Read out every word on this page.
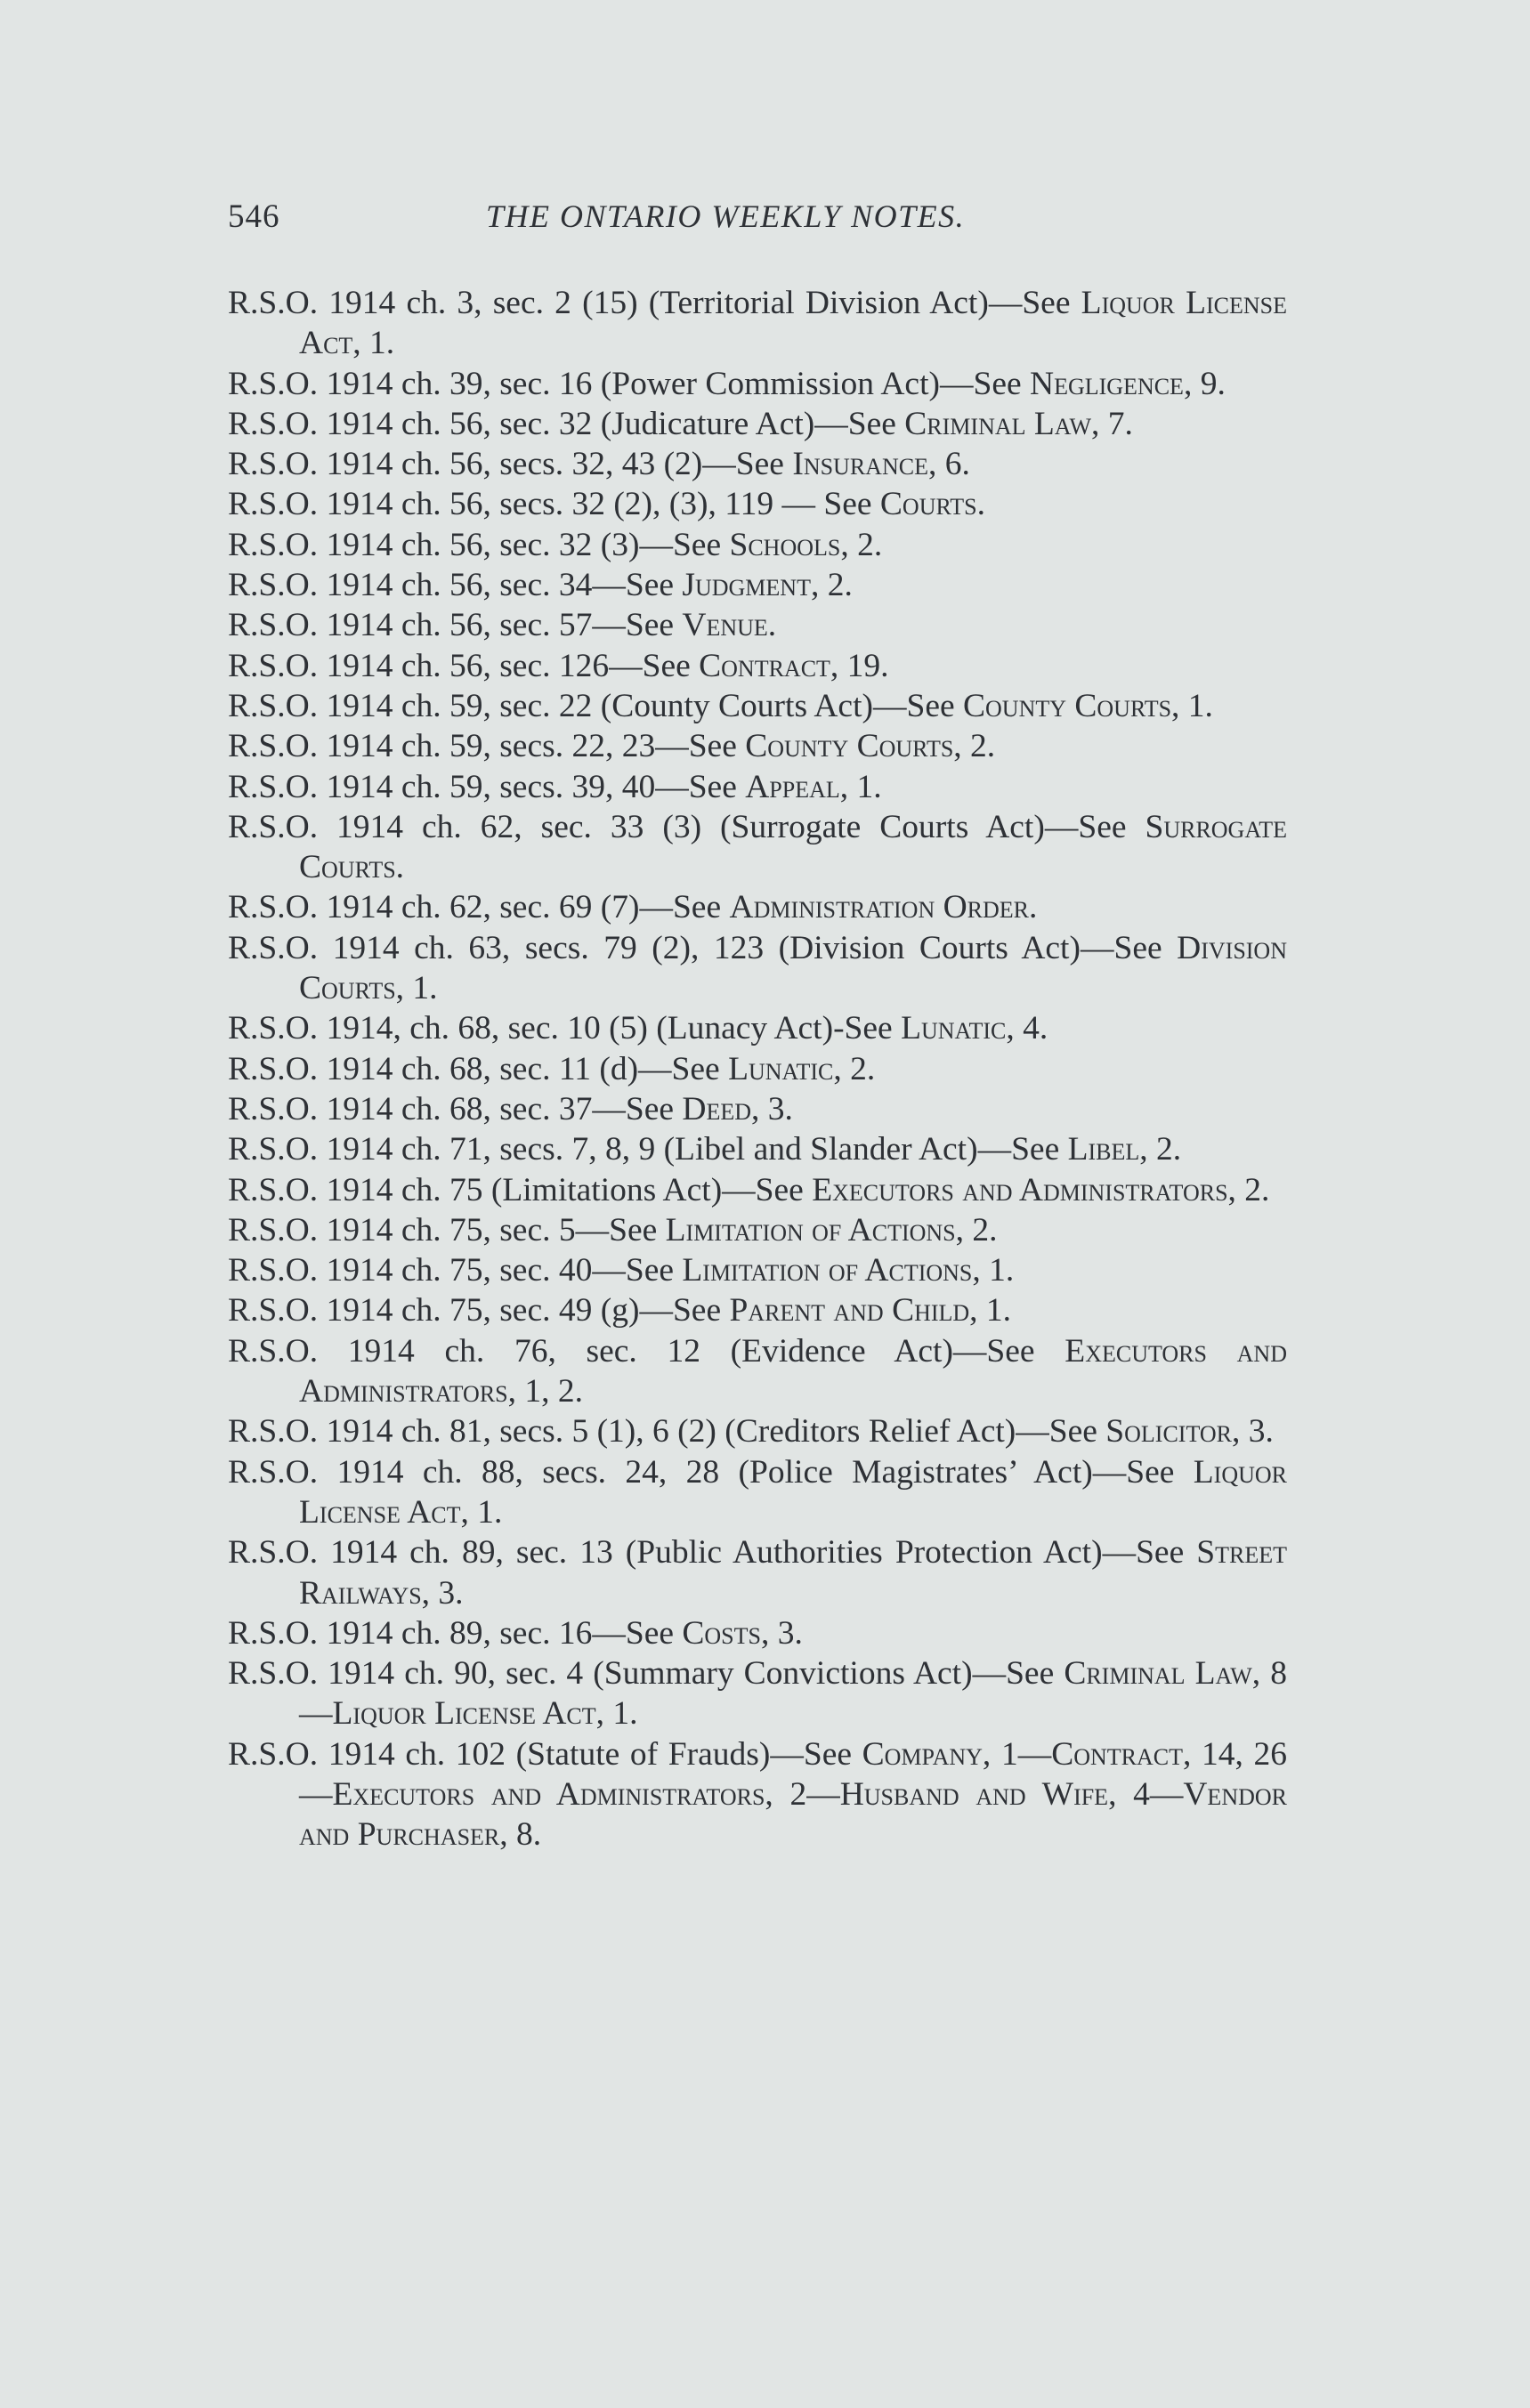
546	THE ONTARIO WEEKLY NOTES.
R.S.O. 1914 ch. 3, sec. 2 (15) (Territorial Division Act)—See Liquor License Act, 1.
R.S.O. 1914 ch. 39, sec. 16 (Power Commission Act)—See Negligence, 9.
R.S.O. 1914 ch. 56, sec. 32 (Judicature Act)—See Criminal Law, 7.
R.S.O. 1914 ch. 56, secs. 32, 43 (2)—See Insurance, 6.
R.S.O. 1914 ch. 56, secs. 32 (2), (3), 119 — See Courts.
R.S.O. 1914 ch. 56, sec. 32 (3)—See Schools, 2.
R.S.O. 1914 ch. 56, sec. 34—See Judgment, 2.
R.S.O. 1914 ch. 56, sec. 57—See Venue.
R.S.O. 1914 ch. 56, sec. 126—See Contract, 19.
R.S.O. 1914 ch. 59, sec. 22 (County Courts Act)—See County Courts, 1.
R.S.O. 1914 ch. 59, secs. 22, 23—See County Courts, 2.
R.S.O. 1914 ch. 59, secs. 39, 40—See Appeal, 1.
R.S.O. 1914 ch. 62, sec. 33 (3) (Surrogate Courts Act)—See Surrogate Courts.
R.S.O. 1914 ch. 62, sec. 69 (7)—See Administration Order.
R.S.O. 1914 ch. 63, secs. 79 (2), 123 (Division Courts Act)—See Division Courts, 1.
R.S.O. 1914, ch. 68, sec. 10 (5) (Lunacy Act)-See Lunatic, 4.
R.S.O. 1914 ch. 68, sec. 11 (d)—See Lunatic, 2.
R.S.O. 1914 ch. 68, sec. 37—See Deed, 3.
R.S.O. 1914 ch. 71, secs. 7, 8, 9 (Libel and Slander Act)—See Libel, 2.
R.S.O. 1914 ch. 75 (Limitations Act)—See Executors and Administrators, 2.
R.S.O. 1914 ch. 75, sec. 5—See Limitation of Actions, 2.
R.S.O. 1914 ch. 75, sec. 40—See Limitation of Actions, 1.
R.S.O. 1914 ch. 75, sec. 49 (g)—See Parent and Child, 1.
R.S.O. 1914 ch. 76, sec. 12 (Evidence Act)—See Executors and Administrators, 1, 2.
R.S.O. 1914 ch. 81, secs. 5 (1), 6 (2) (Creditors Relief Act)—See Solicitor, 3.
R.S.O. 1914 ch. 88, secs. 24, 28 (Police Magistrates’ Act)—See Liquor License Act, 1.
R.S.O. 1914 ch. 89, sec. 13 (Public Authorities Protection Act)—See Street Railways, 3.
R.S.O. 1914 ch. 89, sec. 16—See Costs, 3.
R.S.O. 1914 ch. 90, sec. 4 (Summary Convictions Act)—See Criminal Law, 8—Liquor License Act, 1.
R.S.O. 1914 ch. 102 (Statute of Frauds)—See Company, 1—Contract, 14, 26—Executors and Administrators, 2—Husband and Wife, 4—Vendor and Purchaser, 8.
